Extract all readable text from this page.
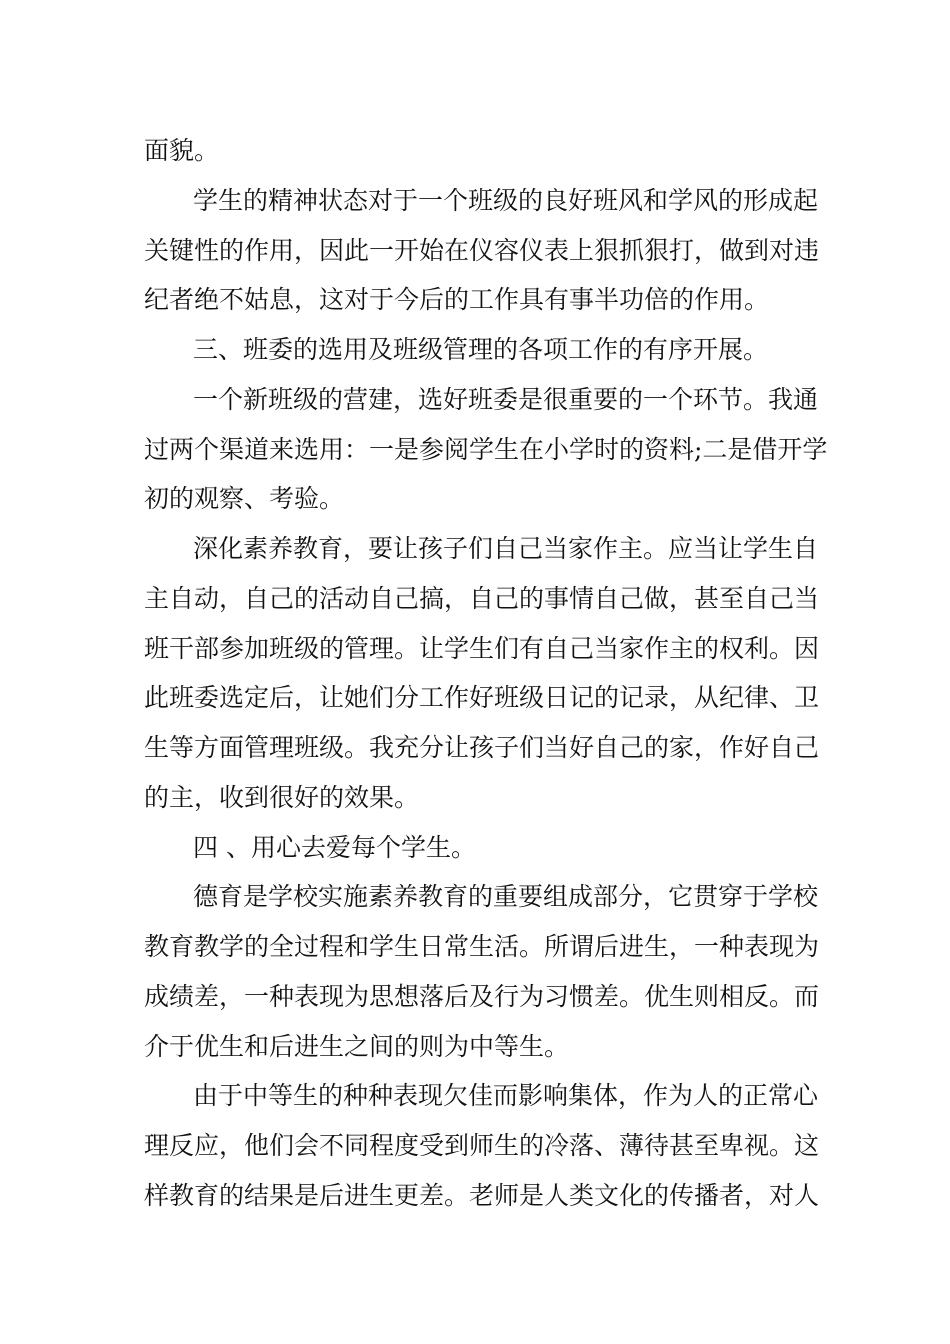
面貌。
学生的精神状态对于一个班级的良好班风和学风的形成起
关键性的作用，因此一开始在仪容仪表上狠抓狠打，做到对违
纪者绝不姑息，这对于今后的工作具有事半功倍的作用。
三、班委的选用及班级管理的各项工作的有序开展。
一个新班级的营建，选好班委是很重要的一个环节。我通
过两个渠道来选用：一是参阅学生在小学时的资料;二是借开学
初的观察、考验。
深化素养教育，要让孩子们自己当家作主。应当让学生自
主自动，自己的活动自己搞，自己的事情自己做，甚至自己当
班干部参加班级的管理。让学生们有自己当家作主的权利。因
此班委选定后，让她们分工作好班级日记的记录，从纪律、卫
生等方面管理班级。我充分让孩子们当好自己的家，作好自己
的主，收到很好的效果。
四 、用心去爱每个学生。
德育是学校实施素养教育的重要组成部分，它贯穿于学校
教育教学的全过程和学生日常生活。所谓后进生，一种表现为
成绩差，一种表现为思想落后及行为习惯差。优生则相反。而
介于优生和后进生之间的则为中等生。
由于中等生的种种表现欠佳而影响集体，作为人的正常心
理反应，他们会不同程度受到师生的冷落、薄待甚至卑视。这
样教育的结果是后进生更差。老师是人类文化的传播者，对人
